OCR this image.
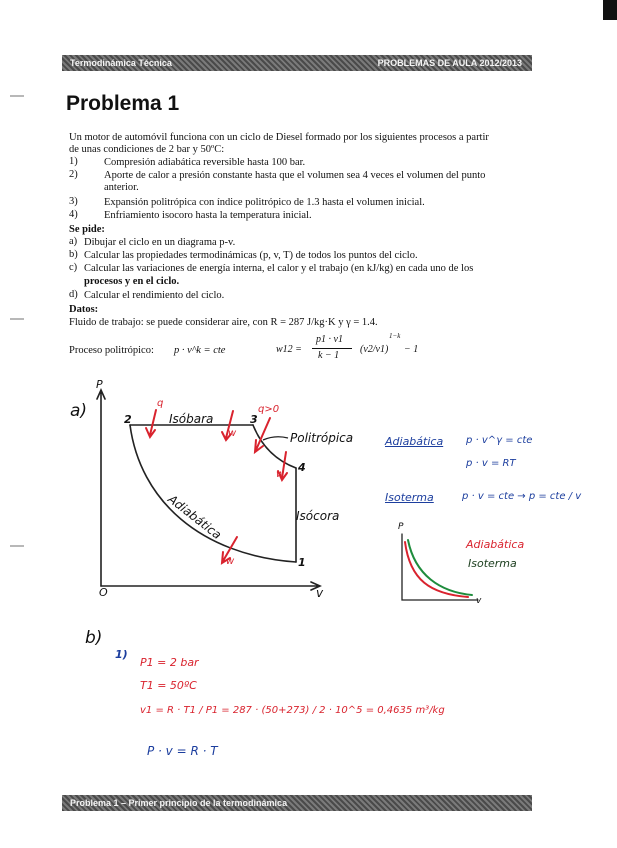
Termodinámica Técnica	PROBLEMAS DE AULA 2012/2013
Problema 1
Un motor de automóvil funciona con un ciclo de Diesel formado por los siguientes procesos a partir
de unas condiciones de 2 bar y 50ºC:
1)	Compresión adiabática reversible hasta 100 bar.
2)	Aporte de calor a presión constante hasta que el volumen sea 4 veces el volumen del punto
anterior.
3)	Expansión politrópica con índice politrópico de 1.3 hasta el volumen inicial.
4)	Enfriamiento isocoro hasta la temperatura inicial.
Se pide:
a) Dibujar el ciclo en un diagrama p-v.
b) Calcular las propiedades termodinámicas (p, v, T) de todos los puntos del ciclo.
c) Calcular las variaciones de energía interna, el calor y el trabajo (en kJ/kg) en cada uno de los
procesos y en el ciclo.
d) Calcular el rendimiento del ciclo.
Datos:
Fluido de trabajo: se puede considerar aire, con R = 287 J/kg·K y γ = 1.4.
Proceso politrópico: p · v^k = cte	w12 =
p1 · v1
k − 1
(v2/v1)
1−k
− 1
a)
P
v
O
2	3
4
1
Isóbara
Politrópica
Isócora
Adiabática
q
q>0
w
w
w
Adiabática p · v^γ = cte
p · v = RT
Isoterma	p · v = cte → p = cte / v
P
v
Adiabática
Isoterma
b)
1)
P1 = 2 bar
T1 = 50ºC
v1 = R · T1 / P1 = 287 · (50+273) / 2 · 10^5 = 0,4635 m³/kg
P · v = R · T
Problema 1 – Primer principio de la termodinámica
